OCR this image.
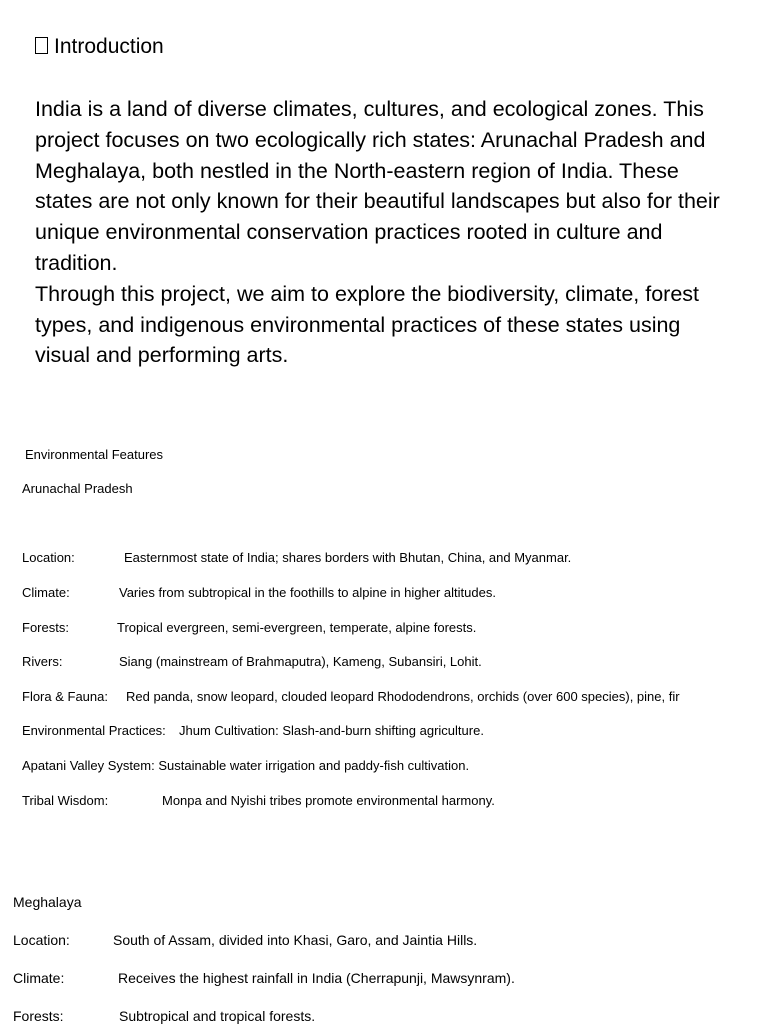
Introduction

India is a land of diverse climates, cultures, and ecological zones. This project focuses on two ecologically rich states: Arunachal Pradesh and Meghalaya, both nestled in the North-eastern region of India. These states are not only known for their beautiful landscapes but also for their unique environmental conservation practices rooted in culture and tradition.

Through this project, we aim to explore the biodiversity, climate, forest types, and indigenous environmental practices of these states using visual and performing arts.

Environmental Features
Arunachal Pradesh
Location:	Easternmost state of India; shares borders with Bhutan, China, and Myanmar.
Climate:	Varies from subtropical in the foothills to alpine in higher altitudes.
Forests:	Tropical evergreen, semi-evergreen, temperate, alpine forests.
Rivers:	Siang (mainstream of Brahmaputra), Kameng, Subansiri, Lohit.
Flora & Fauna: Red panda, snow leopard, clouded leopard Rhododendrons, orchids (over 600 species), pine, fir
Environmental Practices: Jhum Cultivation: Slash-and-burn shifting agriculture.
Apatani Valley System: Sustainable water irrigation and paddy-fish cultivation.
Tribal Wisdom:	Monpa and Nyishi tribes promote environmental harmony.
Meghalaya
Location:	South of Assam, divided into Khasi, Garo, and Jaintia Hills.
Climate:	Receives the highest rainfall in India (Cherrapunji, Mawsynram).
Forests:	Subtropical and tropical forests.
